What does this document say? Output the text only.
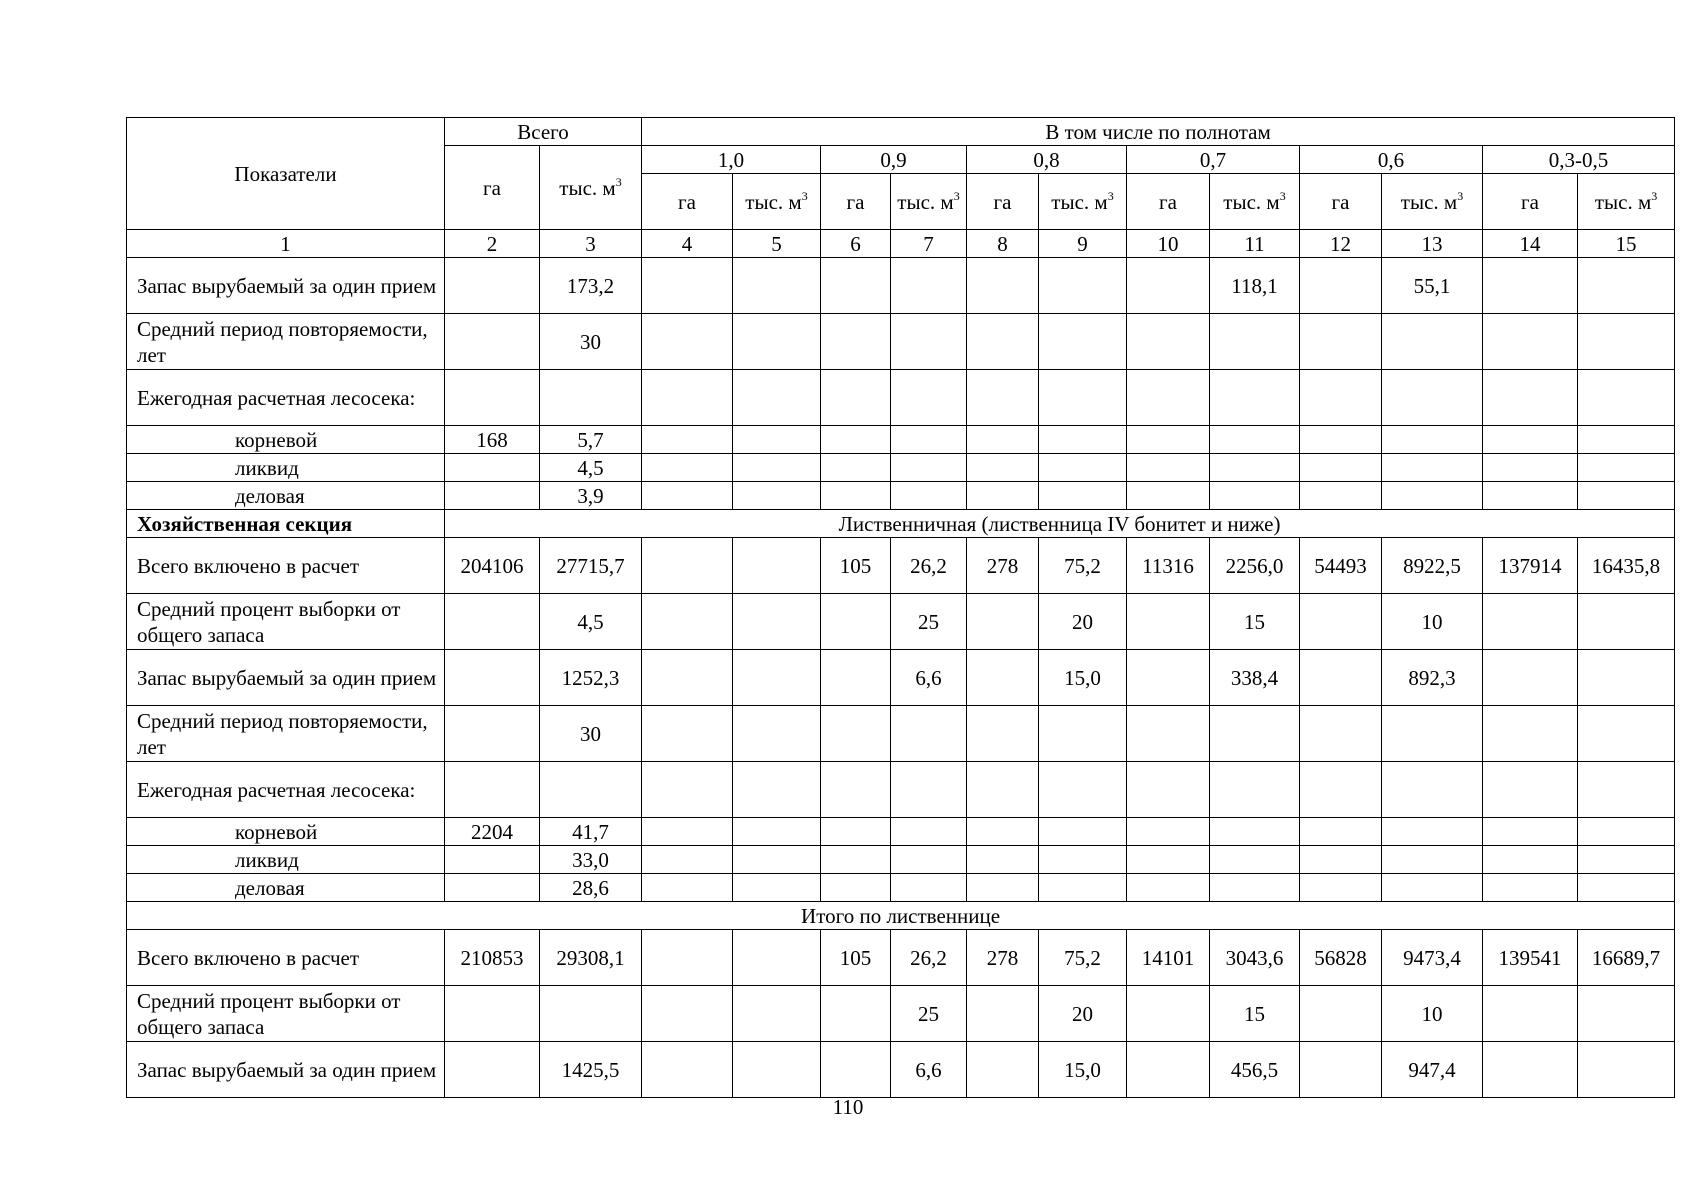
Показатели	Всего		В том числе по полнотам											
	га	тыс. $м^3$	1,0		0,9		0,8		0,7		0,6		0,3-0,5	
			га	тыс. $м^3$	га	тыс. $м^3$	га	тыс. $м^3$	га	тыс. $м^3$	га	тыс. $м^3$	га	тыс. $м^3$
1	2	3	4	5	6	7	8	9	10	11	12	13	14	15
Запас вырубаемый за один прием		173,2								118,1		55,1		
Средний период повторяемости, лет		30												
Ежегодная расчетная лесосека:														
корневой	168	5,7												
ликвид		4,5												
деловая		3,9												
Хозяйственная секция	Лиственничная (лиственница IV бонитет и ниже)													
Всего включено в расчет	204106	27715,7			105	26,2	278	75,2	11316	2256,0	54493	8922,5	137914	16435,8
Средний процент выборки от общего запаса		4,5				25		20		15		10		
Запас вырубаемый за один прием		1252,3				6,6		15,0		338,4		892,3		
Средний период повторяемости, лет		30												
Ежегодная расчетная лесосека:														
корневой	2204	41,7												
ликвид		33,0												
деловая		28,6												
Итого по лиственнице														
Всего включено в расчет	210853	29308,1			105	26,2	278	75,2	14101	3043,6	56828	9473,4	139541	16689,7
Средний процент выборки от общего запаса						25		20		15		10		
Запас вырубаемый за один прием		1425,5				6,6		15,0		456,5		947,4		
110
